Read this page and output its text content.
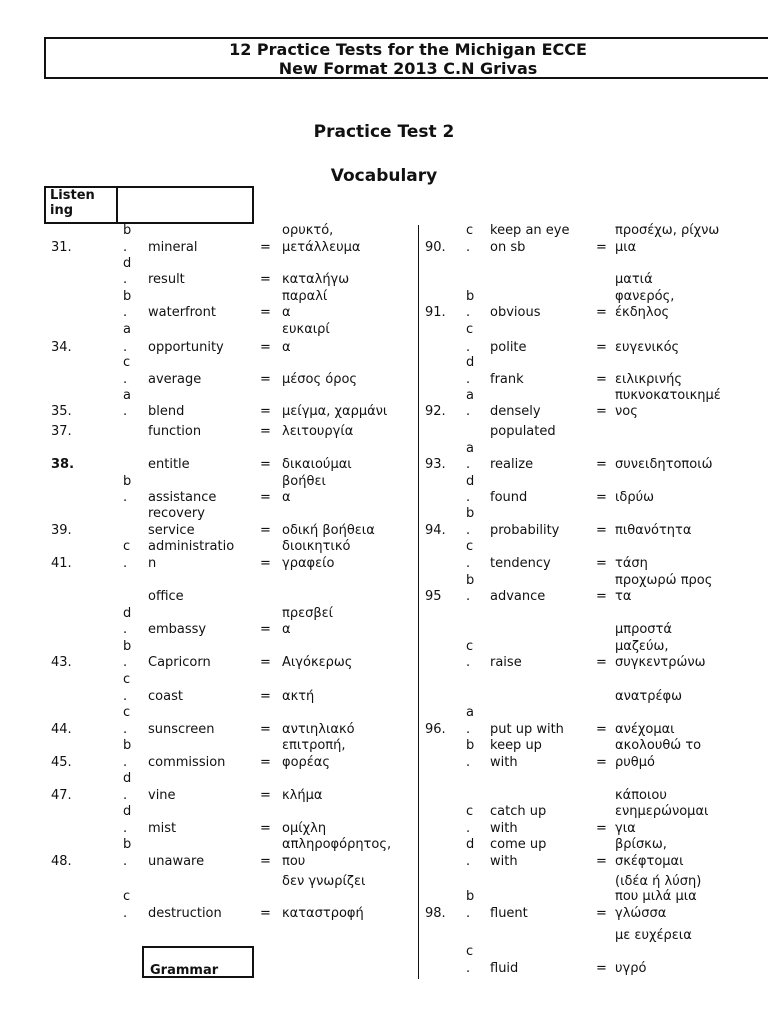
12 Practice Tests for the Michigan ECCE
New Format 2013 C.N Grivas
Practice Test 2
Vocabulary
Listen
ing
Grammar
31.
34.
35.
37.
38.
39.
41.
43.
44.
45.
47.
48.
b
.
d
.
b
.
a
.
c
.
a
.
b
.
c
.
d
.
b
.
c
.
c
.
b
.
d
.
d
.
b
.
c
.
mineral
result
waterfront
opportunity
average
blend
function
entitle
assistance
recovery
service
administratio
n
office
embassy
Capricorn
coast
sunscreen
commission
vine
mist
unaware
destruction
=
=
=
=
=
=
=
=
=
=
=
=
=
=
=
=
=
=
=
=
ορυκτό,
μετάλλευμα
καταλήγω
παραλί
α
ευκαιρί
α
μέσος όρος
μείγμα, χαρμάνι
λειτουργία
δικαιούμαι
βοήθει
α
οδική βοήθεια
διοικητικό
γραφείο
πρεσβεί
α
Αιγόκερως
ακτή
αντιηλιακό
επιτροπή,
φορέας
κλήμα
ομίχλη
απληροφόρητος,
που
δεν γνωρίζει
καταστροφή
90.
91.
92.
93.
94.
95
96.
98.
c
.
b
.
c
.
d
.
a
.
a
.
d
.
b
.
c
.
b
.
c
.
a
.
b
.
c
.
d
.
b
.
c
.
keep an eye
on sb
obvious
polite
frank
densely
populated
realize
found
probability
tendency
advance
raise
put up with
keep up
with
catch up
with
come up
with
fluent
fluid
=
=
=
=
=
=
=
=
=
=
=
=
=
=
=
=
=
προσέχω, ρίχνω
μια
ματιά
φανερός,
έκδηλος
ευγενικός
ειλικρινής
πυκνοκατοικημέ
νος
συνειδητοποιώ
ιδρύω
πιθανότητα
τάση
προχωρώ προς
τα
μπροστά
μαζεύω,
συγκεντρώνω
ανατρέφω
ανέχομαι
ακολουθώ το
ρυθμό
κάποιου
ενημερώνομαι
για
βρίσκω,
σκέφτομαι
(ιδέα ή λύση)
που μιλά μια
γλώσσα
με ευχέρεια
υγρό
